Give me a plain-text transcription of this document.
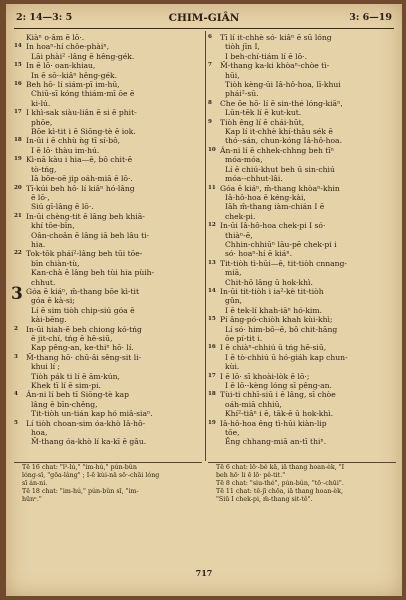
2: 14—3: 5	CHIM-GIÂN	3: 6—19
Kiàⁿ o·âm ē lō·.
14 In hoaⁿ-hí chôe-phàiⁿ,
Lāi phài² -lâng ē hêng-gék.
15 In ē lō· oan-khiau,
In ē sō·-kiâⁿ hêng-gék.
16 Beh hō· lí siám-pī im-hū,
Chiū-sī kóng thiám-mī ōe ē
ki-lú.
17 I khì-sak siàu-liân ē si ē phit-
phōe,
Bōe kì-tit i ē Siōng-tè ē iok.
18 In-ūi i ē chhù ǹg tī sí-bô,
I ē lō· thàu im-hú.
19 Kì-nā kàu i hia—ē, bô chit-ē
tò-tńg,
Iā bōe-oē jip oáh-miā ē lō·.
20 Tī-kúi beh hō· lí kiâⁿ hó-lâng
ē lō·,
Siú gī-lâng ē lō·.
21 In-ūi chèng-tit ē lâng beh khiā-
khí tōe-bīn,
Oân-choân ē lâng iā beh lâu ti-
hia.
22 Tok-tōk phái²-lâng beh tūi tōe-
bīn chiàn-tù,
Kan-chà ē lâng beh tùi hia pùih-
chhut.
3 Góa ē kiáⁿ, m̄-thang bōe kì-tit
góa ē kà-si;
Lí ē sim tiòh chip-siú góa ē
kài-bēng.
2 In-ūi hiah-ē beh chiong kó-tńg
ē jit-chí, tńg ē hē-siū,
Kap pêng-an, ke-thiⁿ hō· lí.
3 M̄-thang hō· chū-âi sêng-sit li-
khui lí ;
Tiòh pák ti lí ē ām-kún,
Khek tī lí ē sim-pi.
4 Án-ni lí beh tī Siōng-tè kap
lâng ē bīn-chêng,
Tit-tiòh un-tián kap hó miâ-siaⁿ.
5 Lí tiòh choan-sim óa-khò Iâ-hô-
hoa,
M̄-thang óa-khò lí ka-kī ē gâu.
6 Tī lí it-chhè só· kiâⁿ ē sū lóng
tiòh jīn I,
I beh-chí-tiám lí ē lō·.
7 M̄-thang ka-ki khòaⁿ-chòe tì-
hūi,
Tiòh kèng-ūi Iâ-hô-hoa, lī-khui
phái²-sū.
8 Che ōe hō· lí ē sin-thé lóng-kiāⁿ,
Lūn-tēk lí ē kut-kut.
9 Tiòh êng lí ē chái-hūt,
Kap lí it-chhè khí-thâu sék ē
thó·-sán, chun-kóng Iâ-hô-hoa.
10 Án-ni lí ē chhek-chhng beh tīⁿ
móa-móa,
Lí ē chiú-khut beh ū sin-chiú
móa--chhut-lâi.
11 Góa ē kiáⁿ, m̄-thang khòaⁿ-khin
Iâ-hô-hoa ē kéng-kài,
Iāh m̄-thang iàm-chián I ē
chek-pi.
12 In-ūi Iâ-hô-hoa chek-pi I só·
thiàⁿ-ē,
Chhin-chhiūⁿ lāu-pē chek-pi i
só· hoaⁿ-hí ē kiáⁿ.
13 Tit-tiòh tì-hūi—ē, tit-tiòh cnnang-
miā,
Chit-hō lâng ū hok-khì.
14 In-ūi tit-tiòh i ia²-kè tit-tiòh
gûn,
I ē tek-lí khah-iāⁿ hó-kim.
15 Pí âng-pó-chiòh khah kùi-khì;
Lí só· him-bō·-ē, bô chit-hāng
ōe pí-tit i.
16 I ē chiàⁿ-chhiú ū tńg hē-siū,
I ē tò-chhiú ū hó-giáh kap chun-
kùi.
17 I ē lō· sī khoài-lòk ē lō·;
I ē lō·-kèng lóng sī pêng-an.
18 Tùi-ti chhī-siū i ē lâng, sī chòe
oáh-miā chhiū,
Khí²-tiâⁿ i ē, tāk-ē ū hok-khì.
19 Iâ-hô-hoa êng tì-hūi kiàn-lip
tōe,
Êng chhang-miā an-tī thiⁿ.
Tē 16 chat: "ī²-lú," "im-hú," pún-bûn
lóng-sī, "gōa-lâng" ; I-ē kùi-nā sō·-chāi lóng
sī án-ni.
Tē 18 chat: "im-hú," pún-bûn sī, "im-
hūnⁿ."
Tē 6 chat: lō·-bê kā, iā thang hoan-èk, "I
beh hō· li ē lō· pê-tit."
Tē 8 chat: "siu-thé", pún-bûn, "tō·-chūi".
Tē 11 chat: tē-jī chōa, iā thang hoan-èk,
"Siū I chek-pi, m̄-thang sit-tê".
717
